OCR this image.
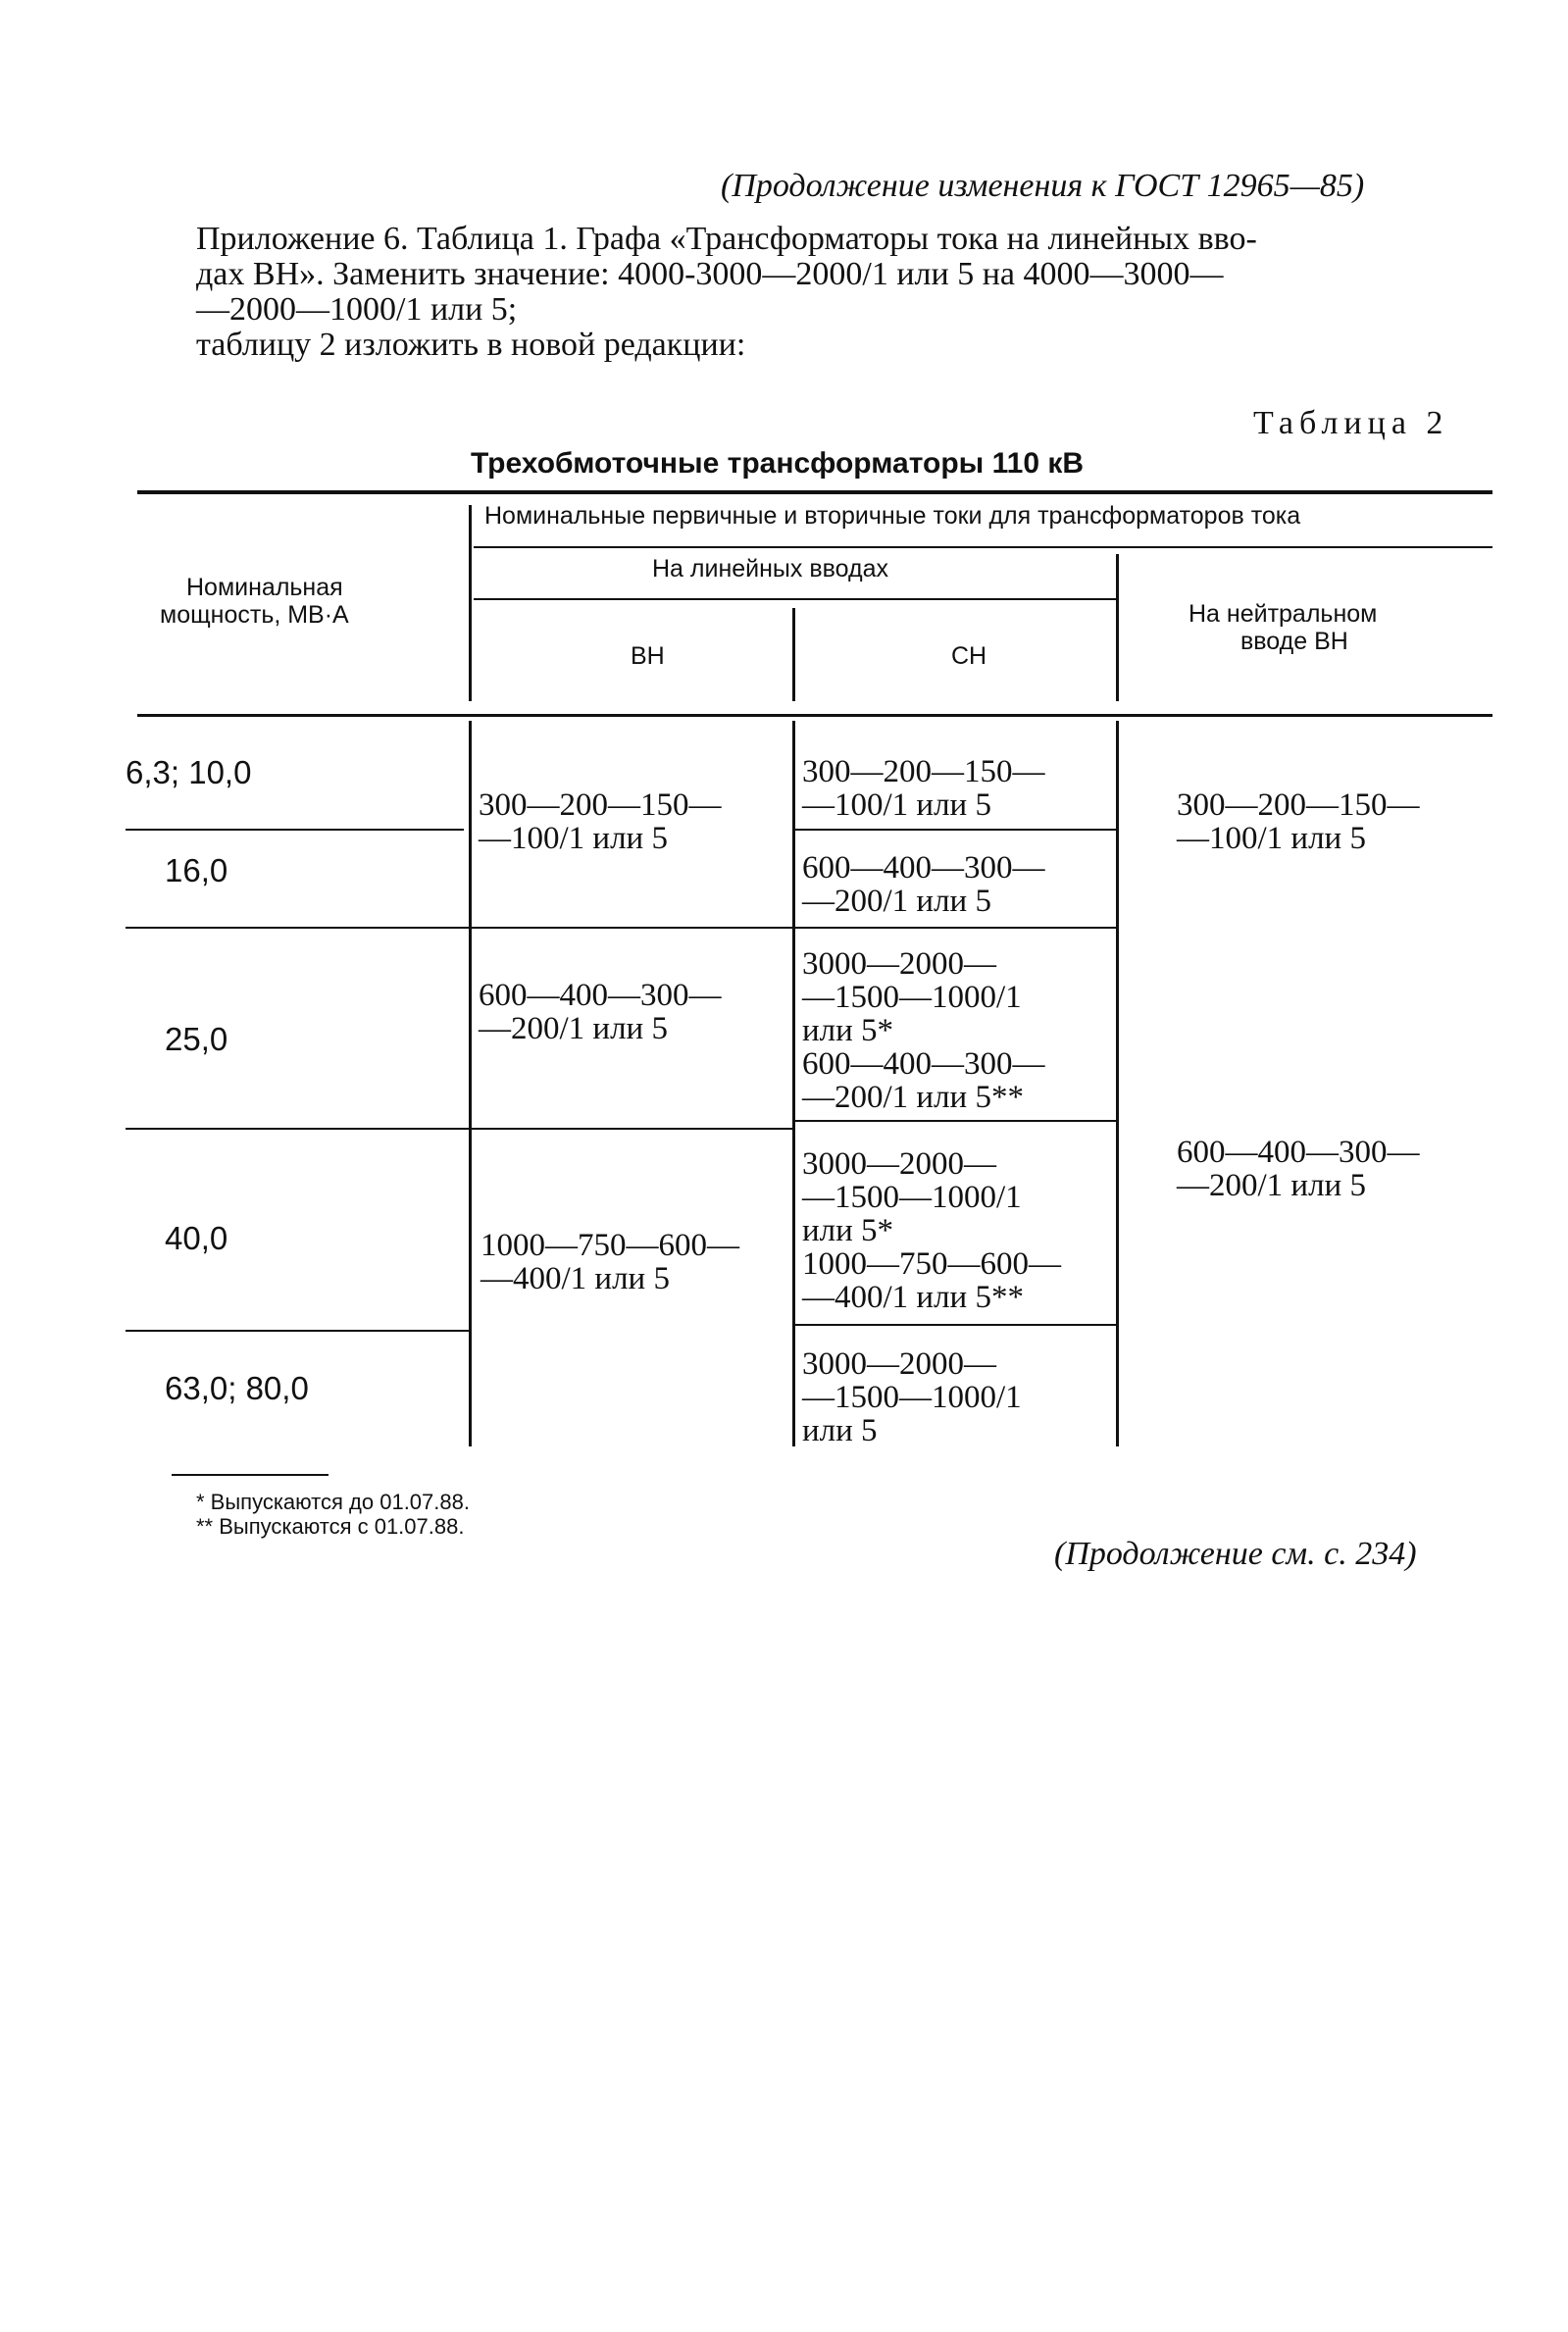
(Продолжение изменения к ГОСТ 12965—85)
Приложение 6. Таблица 1. Графа «Трансформаторы тока на линейных вво-
дах ВН». Заменить значение: 4000-3000—2000/1 или 5 на 4000—3000—
—2000—1000/1 или 5;
таблицу 2 изложить в новой редакции:
Таблица 2
Трехобмоточные трансформаторы 110 кВ
Номинальная
мощность, МВ·А
Номинальные первичные и вторичные токи для трансформаторов тока
На линейных вводах
ВН	СН
На нейтральном
вводе ВН
6,3; 10,0
16,0
25,0
40,0
63,0; 80,0
300—200—150—
—100/1 или 5
600—400—300—
—200/1 или 5
1000—750—600—
—400/1 или 5
300—200—150—
—100/1 или 5
600—400—300—
—200/1 или 5
3000—2000—
—1500—1000/1
или 5*
600—400—300—
—200/1 или 5**
3000—2000—
—1500—1000/1
или 5*
1000—750—600—
—400/1 или 5**
3000—2000—
—1500—1000/1
или 5
300—200—150—
—100/1 или 5
600—400—300—
—200/1 или 5
* Выпускаются до 01.07.88.
** Выпускаются с 01.07.88.
(Продолжение см. с. 234)
